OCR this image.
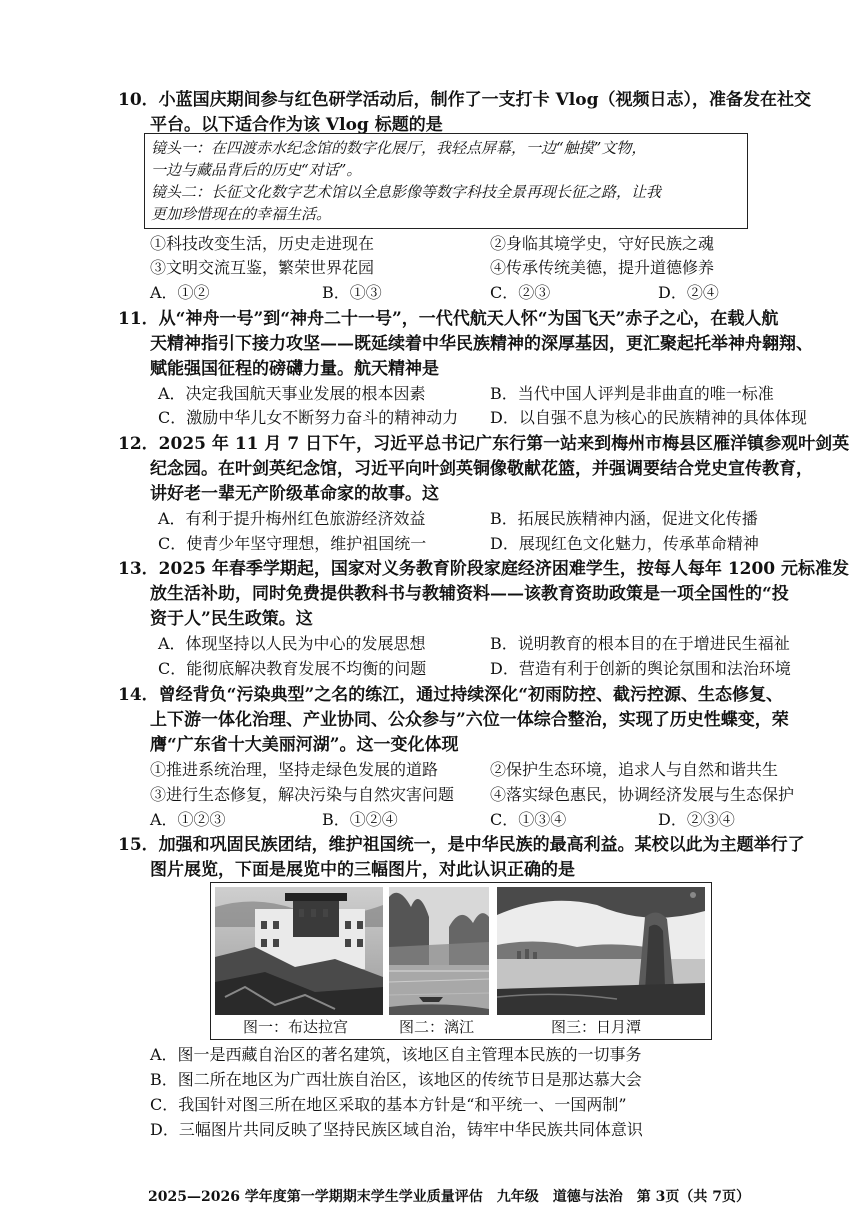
10．小蓝国庆期间参与红色研学活动后，制作了一支打卡 Vlog（视频日志），准备发在社交
平台。以下适合作为该 Vlog 标题的是
镜头一：在四渡赤水纪念馆的数字化展厅，我轻点屏幕，一边“触摸”文物，
一边与藏品背后的历史“对话”。
镜头二：长征文化数字艺术馆以全息影像等数字科技全景再现长征之路，让我
更加珍惜现在的幸福生活。
①科技改变生活，历史走进现在	②身临其境学史，守好民族之魂
③文明交流互鉴，繁荣世界花园	④传承传统美德，提升道德修养
A．①②	B．①③	C．②③	D．②④
11．从“神舟一号”到“神舟二十一号”，一代代航天人怀“为国飞天”赤子之心，在载人航
天精神指引下接力攻坚——既延续着中华民族精神的深厚基因，更汇聚起托举神舟翱翔、
赋能强国征程的磅礴力量。航天精神是
A．决定我国航天事业发展的根本因素	B．当代中国人评判是非曲直的唯一标准
C．激励中华儿女不断努力奋斗的精神动力 D．以自强不息为核心的民族精神的具体体现
12．2025 年 11 月 7 日下午，习近平总书记广东行第一站来到梅州市梅县区雁洋镇参观叶剑英
纪念园。在叶剑英纪念馆，习近平向叶剑英铜像敬献花篮，并强调要结合党史宣传教育，
讲好老一辈无产阶级革命家的故事。这
A．有利于提升梅州红色旅游经济效益	B．拓展民族精神内涵，促进文化传播
C．使青少年坚守理想，维护祖国统一	D．展现红色文化魅力，传承革命精神
13．2025 年春季学期起，国家对义务教育阶段家庭经济困难学生，按每人每年 1200 元标准发
放生活补助，同时免费提供教科书与教辅资料——该教育资助政策是一项全国性的“投
资于人”民生政策。这
A．体现坚持以人民为中心的发展思想	B．说明教育的根本目的在于增进民生福祉
C．能彻底解决教育发展不均衡的问题	D．营造有利于创新的舆论氛围和法治环境
14．曾经背负“污染典型”之名的练江，通过持续深化“初雨防控、截污控源、生态修复、
上下游一体化治理、产业协同、公众参与”六位一体综合整治，实现了历史性蝶变，荣
膺“广东省十大美丽河湖”。这一变化体现
①推进系统治理，坚持走绿色发展的道路	②保护生态环境，追求人与自然和谐共生
③进行生态修复，解决污染与自然灾害问题 ④落实绿色惠民，协调经济发展与生态保护
A．①②③	B．①②④	C．①③④	D．②③④
15．加强和巩固民族团结，维护祖国统一，是中华民族的最高利益。某校以此为主题举行了
图片展览，下面是展览中的三幅图片，对此认识正确的是
图一：布达拉宫	图二：漓江	图三：日月潭
A．图一是西藏自治区的著名建筑，该地区自主管理本民族的一切事务
B．图二所在地区为广西壮族自治区，该地区的传统节日是那达慕大会
C．我国针对图三所在地区采取的基本方针是“和平统一、一国两制”
D．三幅图片共同反映了坚持民族区域自治，铸牢中华民族共同体意识
2025—2026 学年度第一学期期末学生学业质量评估　九年级　道德与法治　第 3页（共 7页）
